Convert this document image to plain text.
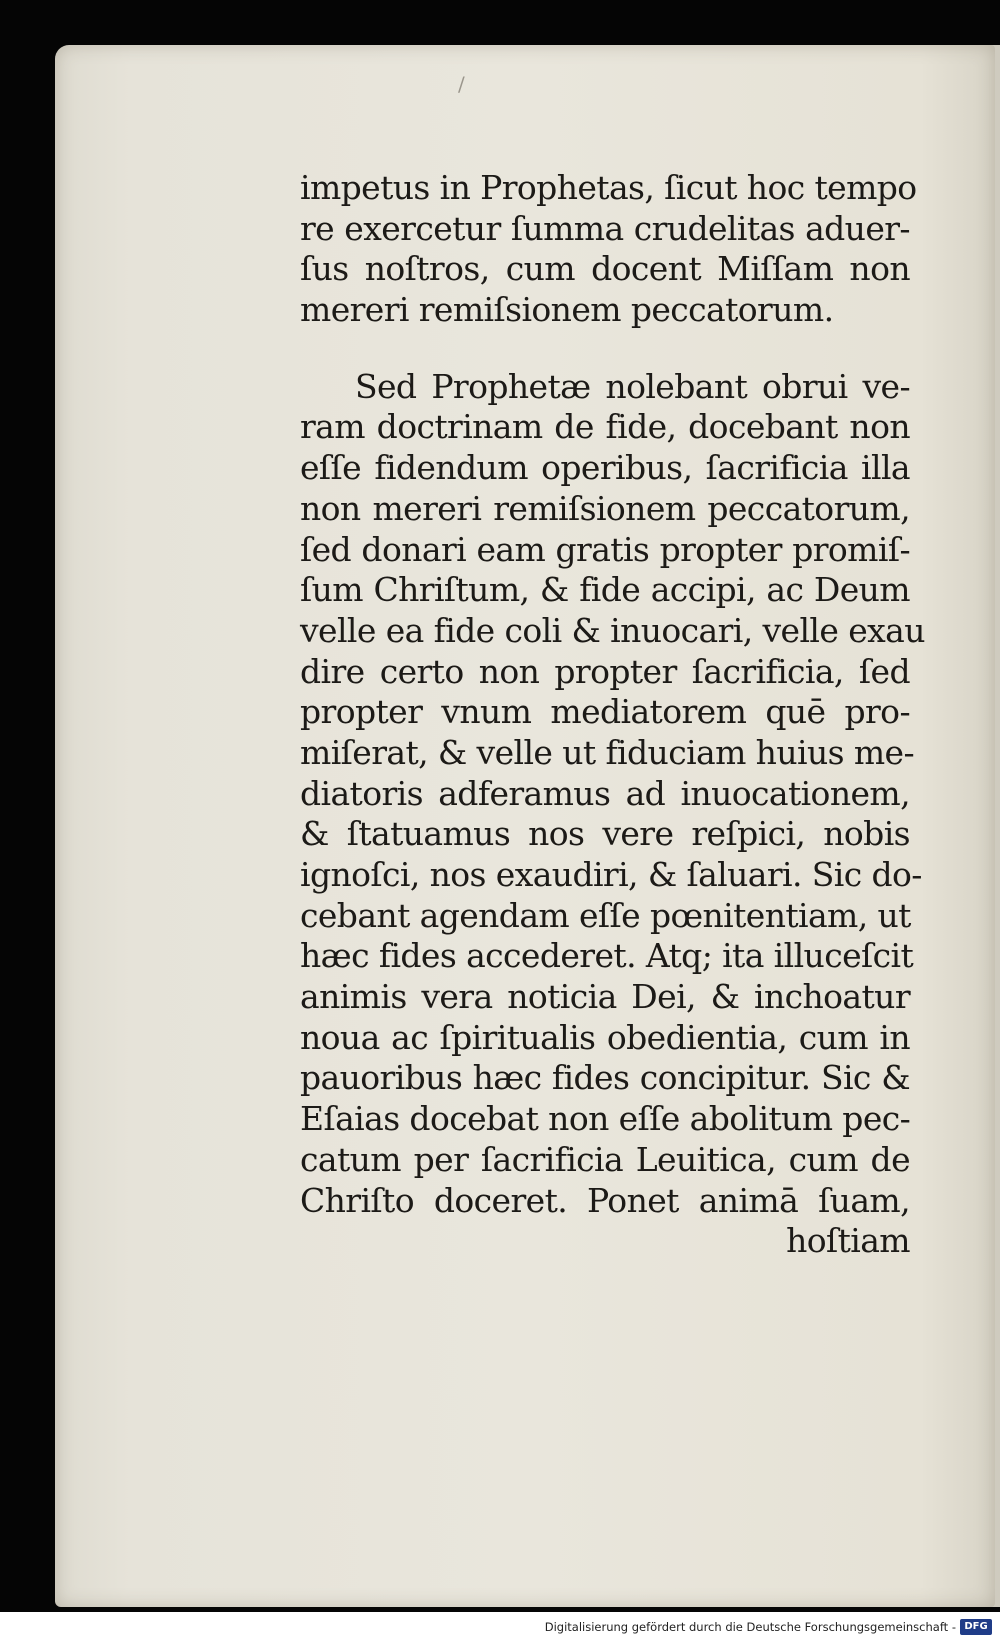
/
impetus in Prophetas, ſicut hoc tempo
re exercetur ſumma crudelitas aduer-
ſus noſtros, cum docent Miſſam non
mereri remiſsionem peccatorum.
Sed Prophetæ nolebant obrui ve-
ram doctrinam de fide, docebant non
eſſe fidendum operibus, ſacrificia illa
non mereri remiſsionem peccatorum,
ſed donari eam gratis propter promiſ-
ſum Chriſtum, & fide accipi, ac Deum
velle ea fide coli & inuocari, velle exau
dire certo non propter ſacrificia, ſed
propter vnum mediatorem quē pro-
miſerat, & velle ut fiduciam huius me-
diatoris adferamus ad inuocationem,
& ſtatuamus nos vere reſpici, nobis
ignoſci, nos exaudiri, & ſaluari. Sic do-
cebant agendam eſſe pœnitentiam, ut
hæc fides accederet. Atq; ita illuceſcit
animis vera noticia Dei, & inchoatur
noua ac ſpiritualis obedientia, cum in
pauoribus hæc fides concipitur. Sic &
Eſaias docebat non eſſe abolitum pec-
catum per ſacrificia Leuitica, cum de
Chriſto doceret. Ponet animā ſuam,
hoſtiam
Digitalisierung gefördert durch die Deutsche Forschungsgemeinschaft - DFG
